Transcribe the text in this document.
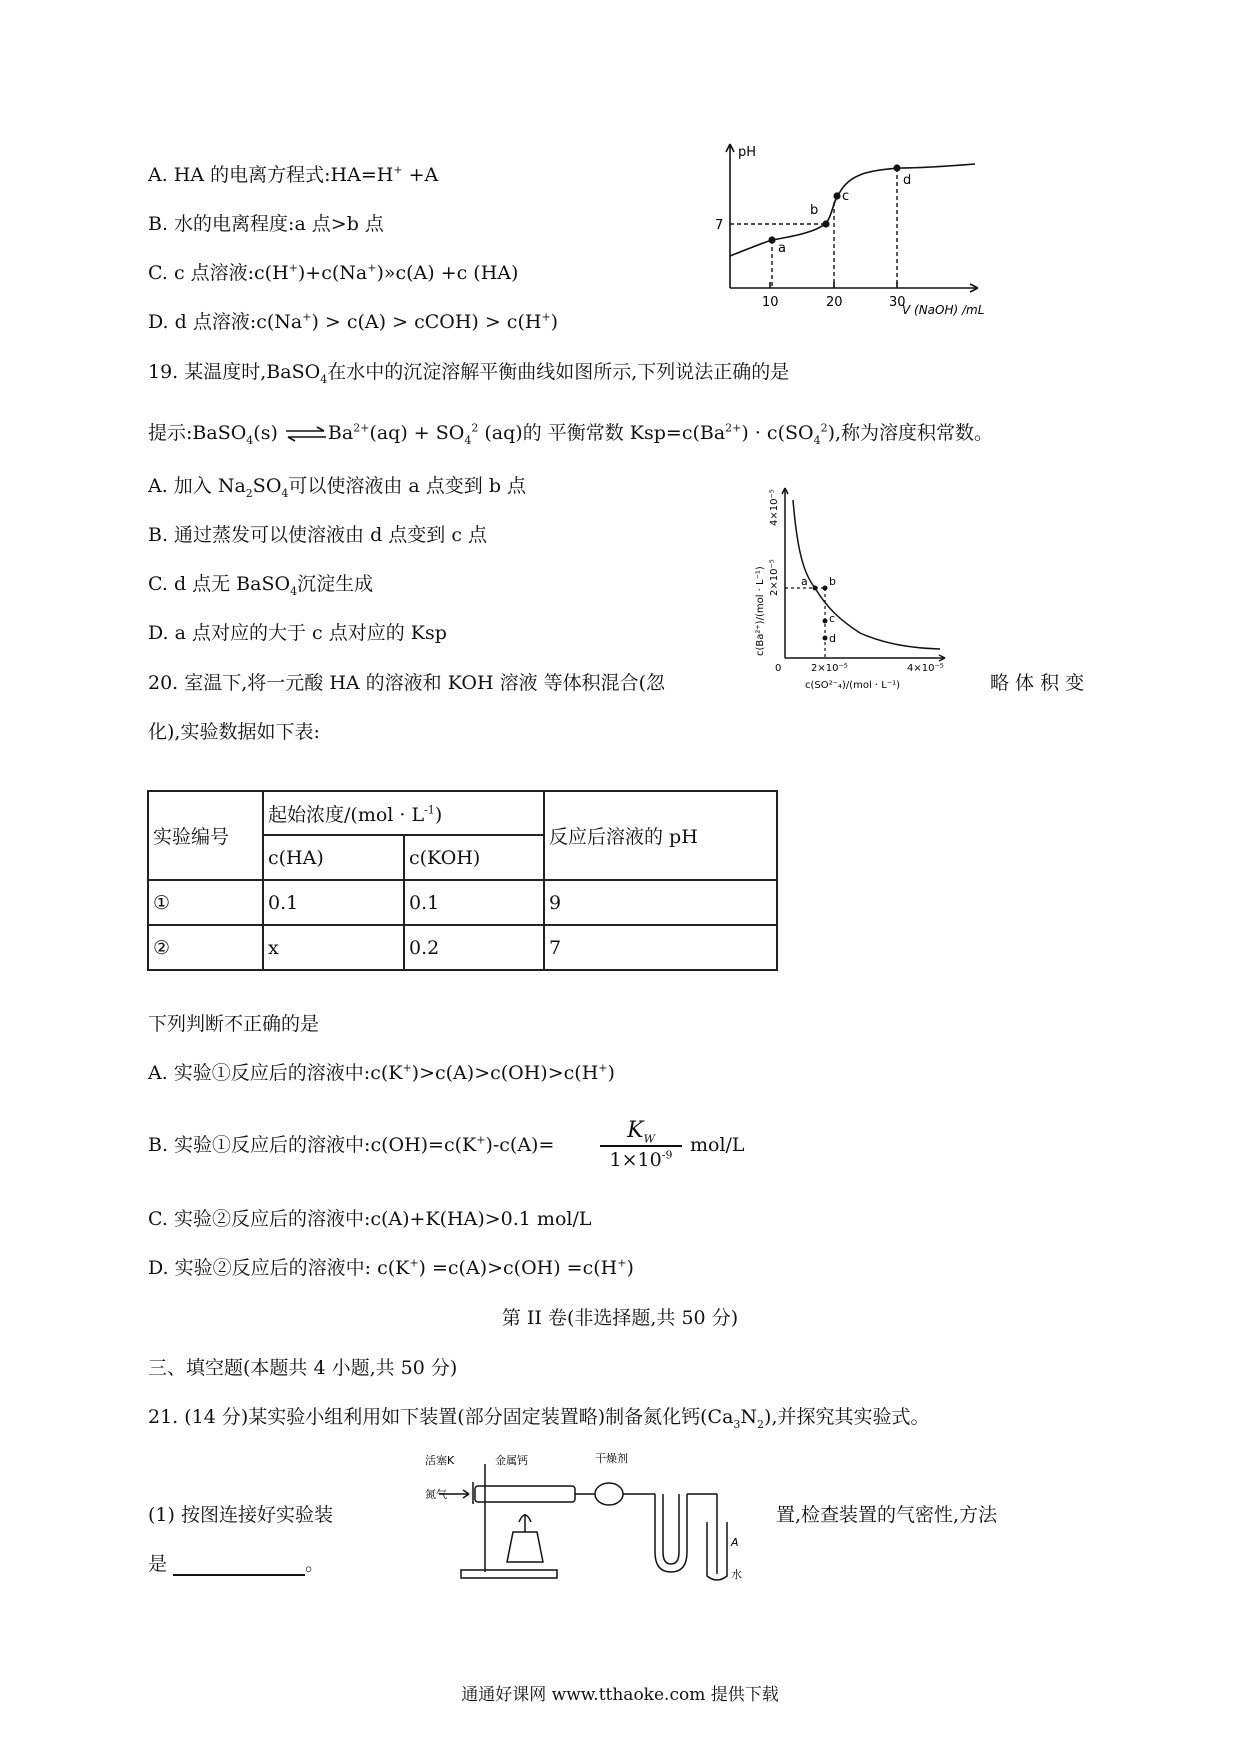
A. HA 的电离方程式:HA=H+ +A
B. 水的电离程度:a 点>b 点
C. c 点溶液:c(H+)+c(Na+)»c(A) +c (HA)
D. d 点溶液:c(Na+) > c(A) > cCOH) > c(H+)
pH
7
a
b
c
d
10	20	30
V (NaOH) /mL
19. 某温度时,BaSO$_4$在水中的沉淀溶解平衡曲线如图所示,下列说法正确的是
提示:BaSO$_4$(s) $\rightleftharpoons Ba^{2+}(aq) + SO_4^2$ (aq)的 平衡常数 $Ksp=c(Ba^{2+}) \cdot c(SO_4^2)$,称为溶度积常数。
A. 加入 $Na_2SO_4$可以使溶液由 a 点变到 b 点
B. 通过蒸发可以使溶液由 d 点变到 c 点
C. d 点无 BaSO$_4$沉淀生成
D. a 点对应的大于 c 点对应的 Ksp
a b
c
d
2×10⁻⁵
4×10⁻⁵
c(Ba²⁺)/(mol · L⁻¹)
0	2×10⁻⁵	4×10⁻⁵
c(SO²⁻₄)/(mol · L⁻¹)
20. 室温下,将一元酸 HA 的溶液和 KOH 溶液 等体积混合(忽	略 体 积 变
化),实验数据如下表:
实验编号	起始浓度$/(mol \cdot L^{-1})$		反应后溶液的 pH
	c(HA)	c(KOH)	
①	0.1	0.1	9
②	x	0.2	7
下列判断不正确的是
A. 实验①反应后的溶液中:c(K+)>c(A)>c(OH)>c(H+)
B. 实验①反应后的溶液中:c(OH)=c(K+)-c(A)=
$K_W$
$1\times 10^{-9}$ mol/L
C. 实验②反应后的溶液中:c(A)+K(HA)>0.1 mol/L
D. 实验②反应后的溶液中: c(K+) =c(A)>c(OH) =c(H+)
第 II 卷(非选择题,共 50 分)
三、填空题(本题共 4 小题,共 50 分)
21. (14 分)某实验小组利用如下装置(部分固定装置略)制备氮化钙$(Ca_3N_2)$,并探究其实验式。
(1) 按图连接好实验装	置,检查装置的气密性,方法
是	。
活塞K	金属钙	干燥剂
氮气
A
水
通通好课网 www.tthaoke.com 提供下载
